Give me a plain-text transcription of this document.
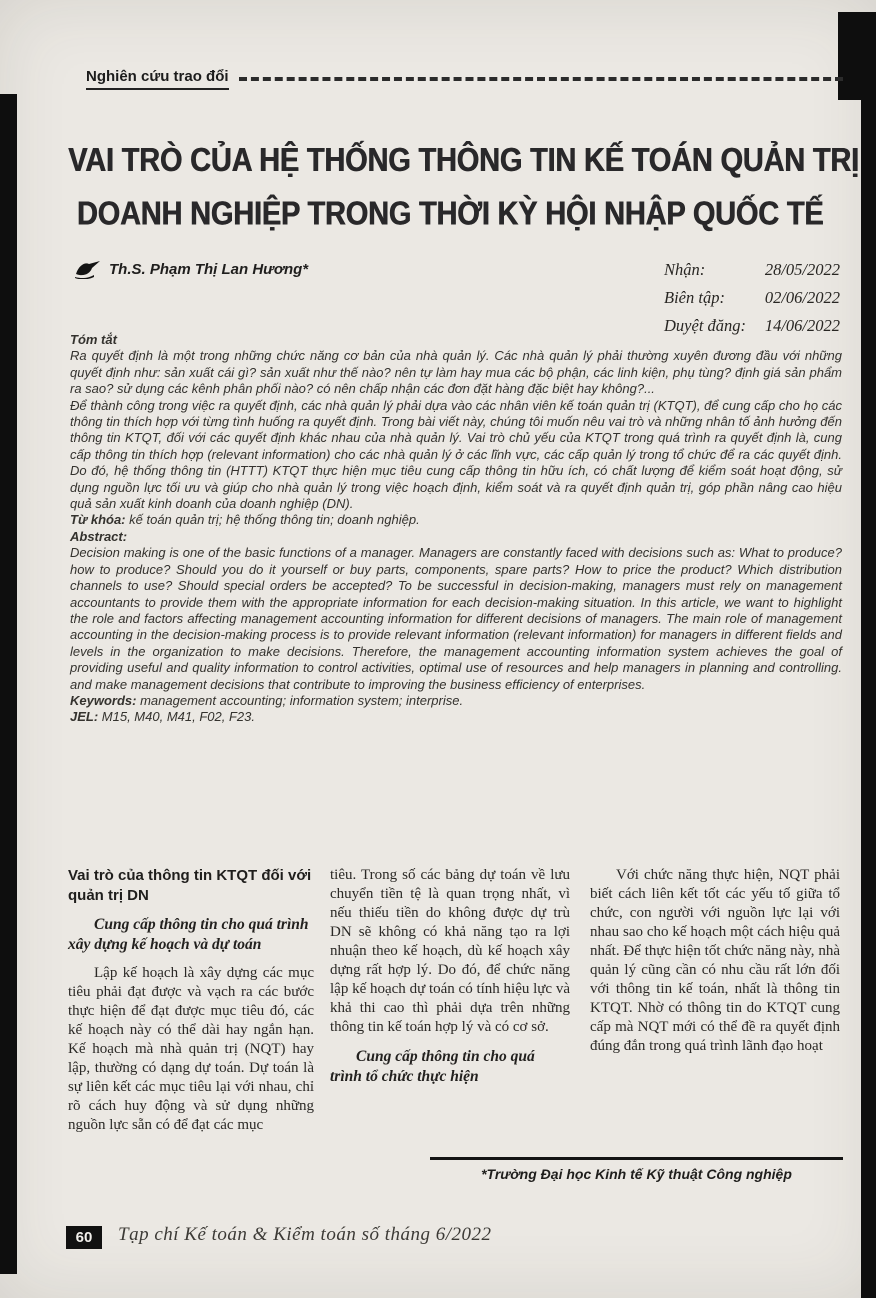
Nghiên cứu trao đổi
VAI TRÒ CỦA HỆ THỐNG THÔNG TIN KẾ TOÁN QUẢN TRỊ
DOANH NGHIỆP TRONG THỜI KỲ HỘI NHẬP QUỐC TẾ
Th.S. Phạm Thị Lan Hương*	Nhận:	28/05/2022
Biên tập: 02/06/2022
Duyệt đăng: 14/06/2022
Tóm tắt

Ra quyết định là một trong những chức năng cơ bản của nhà quản lý. Các nhà quản lý phải thường xuyên đương đầu với những quyết định như: sản xuất cái gì? sản xuất như thế nào? nên tự làm hay mua các bộ phận, các linh kiện, phụ tùng? định giá sản phẩm ra sao? sử dụng các kênh phân phối nào? có nên chấp nhận các đơn đặt hàng đặc biệt hay không?...

Để thành công trong việc ra quyết định, các nhà quản lý phải dựa vào các nhân viên kế toán quản trị (KTQT), để cung cấp cho họ các thông tin thích hợp với từng tình huống ra quyết định. Trong bài viết này, chúng tôi muốn nêu vai trò và những nhân tố ảnh hưởng đến thông tin KTQT, đối với các quyết định khác nhau của nhà quản lý. Vai trò chủ yếu của KTQT trong quá trình ra quyết định là, cung cấp thông tin thích hợp (relevant information) cho các nhà quản lý ở các lĩnh vực, các cấp quản lý trong tổ chức để ra các quyết định. Do đó, hệ thống thông tin (HTTT) KTQT thực hiện mục tiêu cung cấp thông tin hữu ích, có chất lượng để kiểm soát hoạt động, sử dụng nguồn lực tối ưu và giúp cho nhà quản lý trong việc hoạch định, kiểm soát và ra quyết định quản trị, góp phần nâng cao hiệu quả sản xuất kinh doanh của doanh nghiệp (DN).

Từ khóa: kế toán quản trị; hệ thống thông tin; doanh nghiệp.

Abstract:

Decision making is one of the basic functions of a manager. Managers are constantly faced with decisions such as: What to produce? how to produce? Should you do it yourself or buy parts, components, spare parts? How to price the product? Which distribution channels to use? Should special orders be accepted? To be successful in decision-making, managers must rely on management accountants to provide them with the appropriate information for each decision-making situation. In this article, we want to highlight the role and factors affecting management accounting information for different decisions of managers. The main role of management accounting in the decision-making process is to provide relevant information (relevant information) for managers in different fields and levels in the organization to make decisions. Therefore, the management accounting information system achieves the goal of providing useful and quality information to control activities, optimal use of resources and help managers in planning and controlling. and make management decisions that contribute to improving the business efficiency of enterprises.

Keywords: management accounting; information system; interprise.

JEL: M15, M40, M41, F02, F23.

Vai trò của thông tin KTQT đối với quản trị DN
Cung cấp thông tin cho quá trình xây dựng kế hoạch và dự toán

Lập kế hoạch là xây dựng các mục tiêu phải đạt được và vạch ra các bước thực hiện để đạt được mục tiêu đó, các kế hoạch này có thể dài hay ngắn hạn. Kế hoạch mà nhà quản trị (NQT) hay lập, thường có dạng dự toán. Dự toán là sự liên kết các mục tiêu lại với nhau, chỉ rõ cách huy động và sử dụng những nguồn lực sẵn có để đạt các mục

tiêu. Trong số các bảng dự toán về lưu chuyển tiền tệ là quan trọng nhất, vì nếu thiếu tiền do không được dự trù DN sẽ không có khả năng tạo ra lợi nhuận theo kế hoạch, dù kế hoạch xây dựng rất hợp lý. Do đó, để chức năng lập kế hoạch dự toán có tính hiệu lực và khả thi cao thì phải dựa trên những thông tin kế toán hợp lý và có cơ sở.

Cung cấp thông tin cho quá trình tổ chức thực hiện

Với chức năng thực hiện, NQT phải biết cách liên kết tốt các yếu tố giữa tổ chức, con người với nguồn lực lại với nhau sao cho kế hoạch một cách hiệu quả nhất. Để thực hiện tốt chức năng này, nhà quản lý cũng cần có nhu cầu rất lớn đối với thông tin kế toán, nhất là thông tin KTQT. Nhờ có thông tin do KTQT cung cấp mà NQT mới có thể đề ra quyết định đúng đắn trong quá trình lãnh đạo hoạt

*Trường Đại học Kinh tế Kỹ thuật Công nghiệp
60	Tạp chí Kế toán & Kiểm toán số tháng 6/2022
